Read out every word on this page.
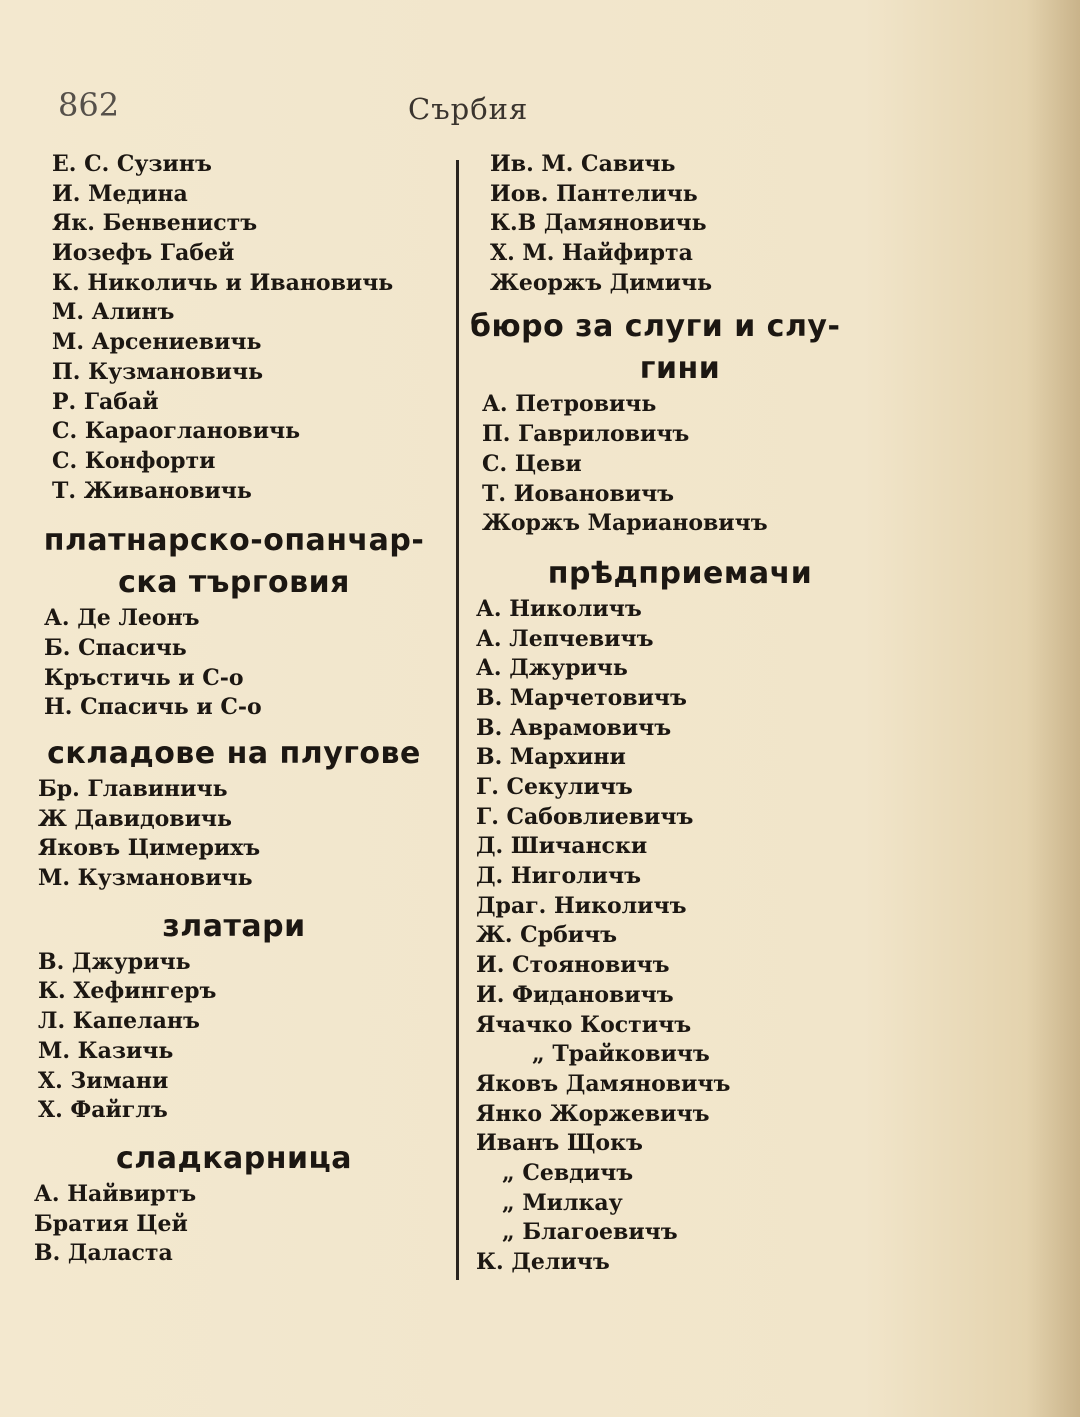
862	Сърбия
Е. С. Сузинъ
И. Медина
Як. Бенвенистъ
Иозефъ Габей
К. Николичь и Ивановичь
М. Алинъ
М. Арсениевичь
П. Кузмановичь
Р. Габай
С. Караоглановичь
С. Конфорти
Т. Живановичь
платнарско-опанчар-
ска търговия
А. Де Леонъ
Б. Спасичь
Кръстичь и С-о
Н. Спасичь и С-о
складове на плугове
Бр. Главиничь
Ж Давидовичь
Яковъ Цимерихъ
М. Кузмановичь
златари
В. Джуричь
К. Хефингеръ
Л. Капеланъ
М. Казичь
Х. Зимани
Х. Файглъ
сладкарница
А. Найвиртъ
Братия Цей
В. Даласта
Ив. М. Савичь
Иов. Пантеличь
К.В Дамяновичь
Х. М. Найфирта
Жеоржъ Димичь
бюро за слуги и слу-
гини
А. Петровичь
П. Гавриловичъ
С. Цеви
Т. Иовановичъ
Жоржъ Мариановичъ
прѣдприемачи
А. Николичъ
А. Лепчевичъ
А. Джуричь
В. Марчетовичъ
В. Аврамовичъ
В. Мархини
Г. Секуличъ
Г. Сабовлиевичъ
Д. Шичански
Д. Ниголичъ
Драг. Николичъ
Ж. Србичъ
И. Стояновичъ
И. Фидановичъ
Ячачко Костичъ
„ Трайковичъ
Яковъ Дамяновичъ
Янко Жоржевичъ
Иванъ Щокъ
„ Севдичъ
„ Милкау
„ Благоевичъ
К. Деличъ
